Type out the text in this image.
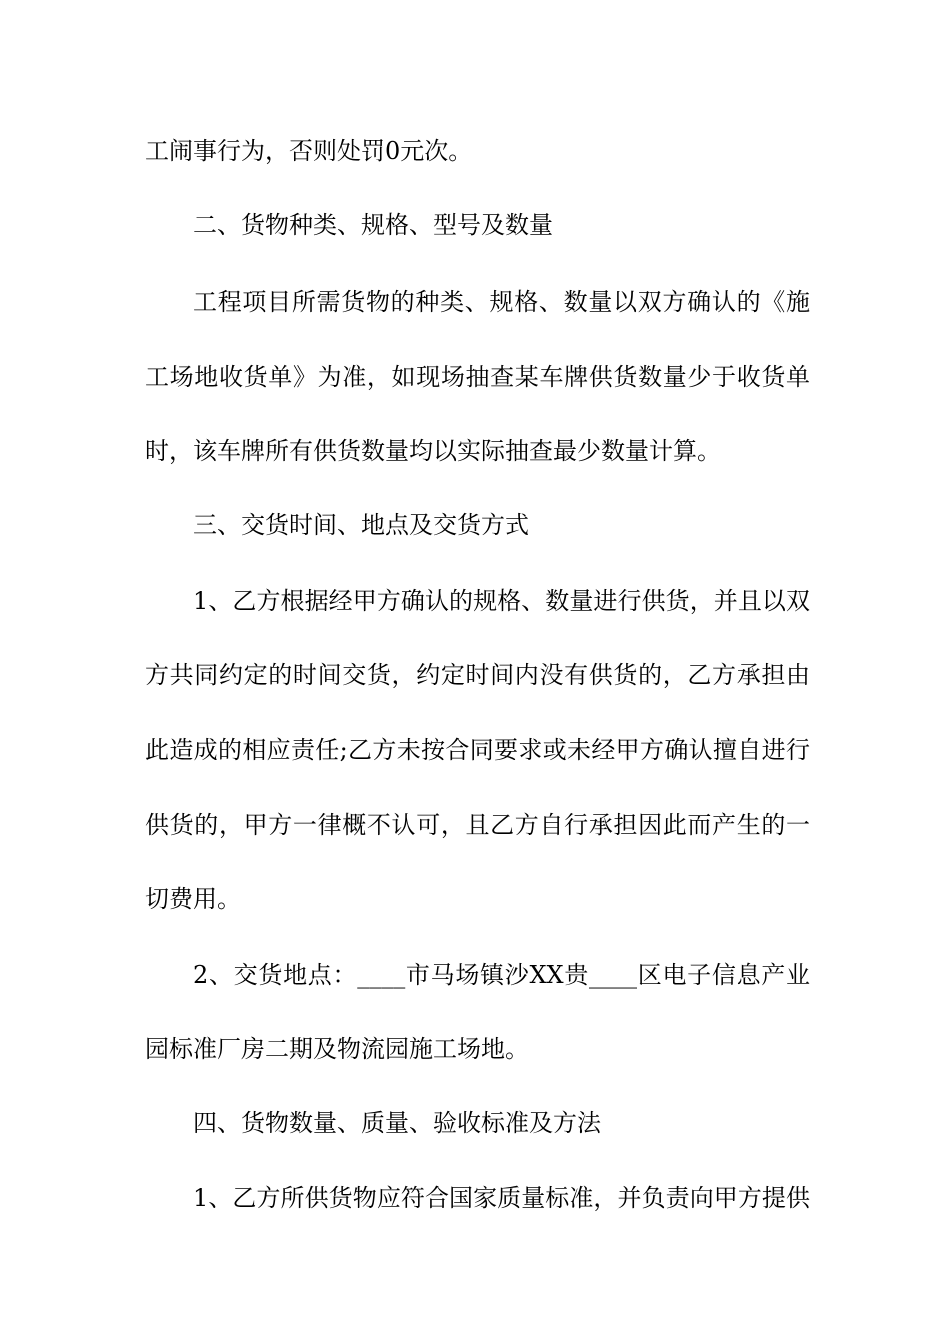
工闹事行为，否则处罚0元次。
二、货物种类、规格、型号及数量
工程项目所需货物的种类、规格、数量以双方确认的《施
工场地收货单》为准，如现场抽查某车牌供货数量少于收货单
时，该车牌所有供货数量均以实际抽查最少数量计算。
三、交货时间、地点及交货方式
1、乙方根据经甲方确认的规格、数量进行供货，并且以双
方共同约定的时间交货，约定时间内没有供货的，乙方承担由
此造成的相应责任;乙方未按合同要求或未经甲方确认擅自进行
供货的，甲方一律概不认可，且乙方自行承担因此而产生的一
切费用。
2、交货地点：____市马场镇沙XX贵____区电子信息产业
园标准厂房二期及物流园施工场地。
四、货物数量、质量、验收标准及方法
1、乙方所供货物应符合国家质量标准，并负责向甲方提供
